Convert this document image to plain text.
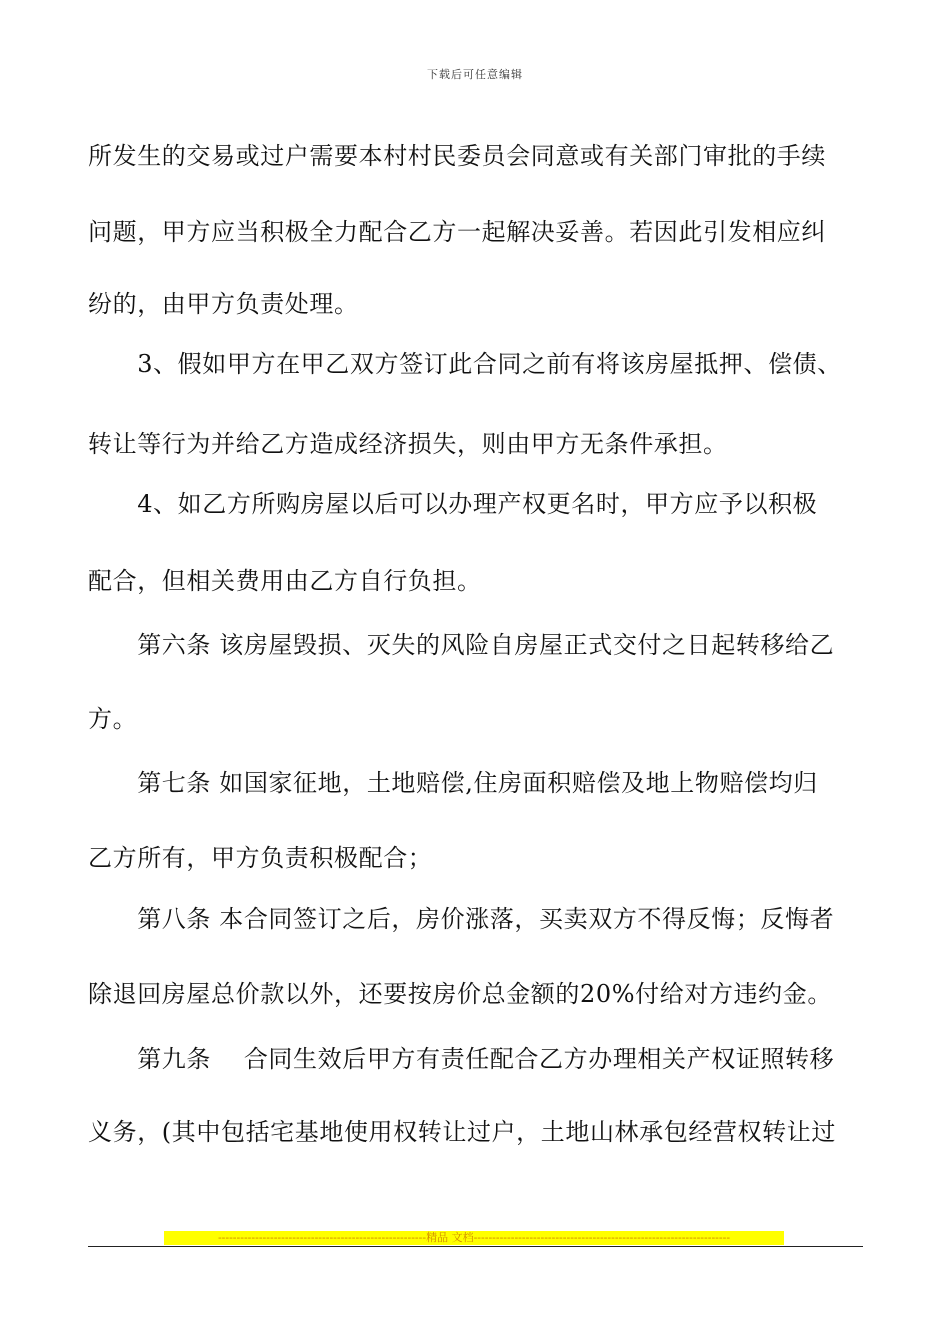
下载后可任意编辑
所发生的交易或过户需要本村村民委员会同意或有关部门审批的手续
问题，甲方应当积极全力配合乙方一起解决妥善。若因此引发相应纠
纷的，由甲方负责处理。
　　3、假如甲方在甲乙双方签订此合同之前有将该房屋抵押、偿债、
转让等行为并给乙方造成经济损失，则由甲方无条件承担。
　　4、如乙方所购房屋以后可以办理产权更名时，甲方应予以积极
配合，但相关费用由乙方自行负担。
　　第六条 该房屋毁损、灭失的风险自房屋正式交付之日起转移给乙
方。
　　第七条 如国家征地，土地赔偿,住房面积赔偿及地上物赔偿均归
乙方所有，甲方负责积极配合；
　　第八条 本合同签订之后，房价涨落，买卖双方不得反悔；反悔者
除退回房屋总价款以外，还要按房价总金额的20%付给对方违约金。
　　第九条　 合同生效后甲方有责任配合乙方办理相关产权证照转移
义务，(其中包括宅基地使用权转让过户，土地山林承包经营权转让过
--------------------------------------------------------精品 文档---------------------------------------------------------------------
